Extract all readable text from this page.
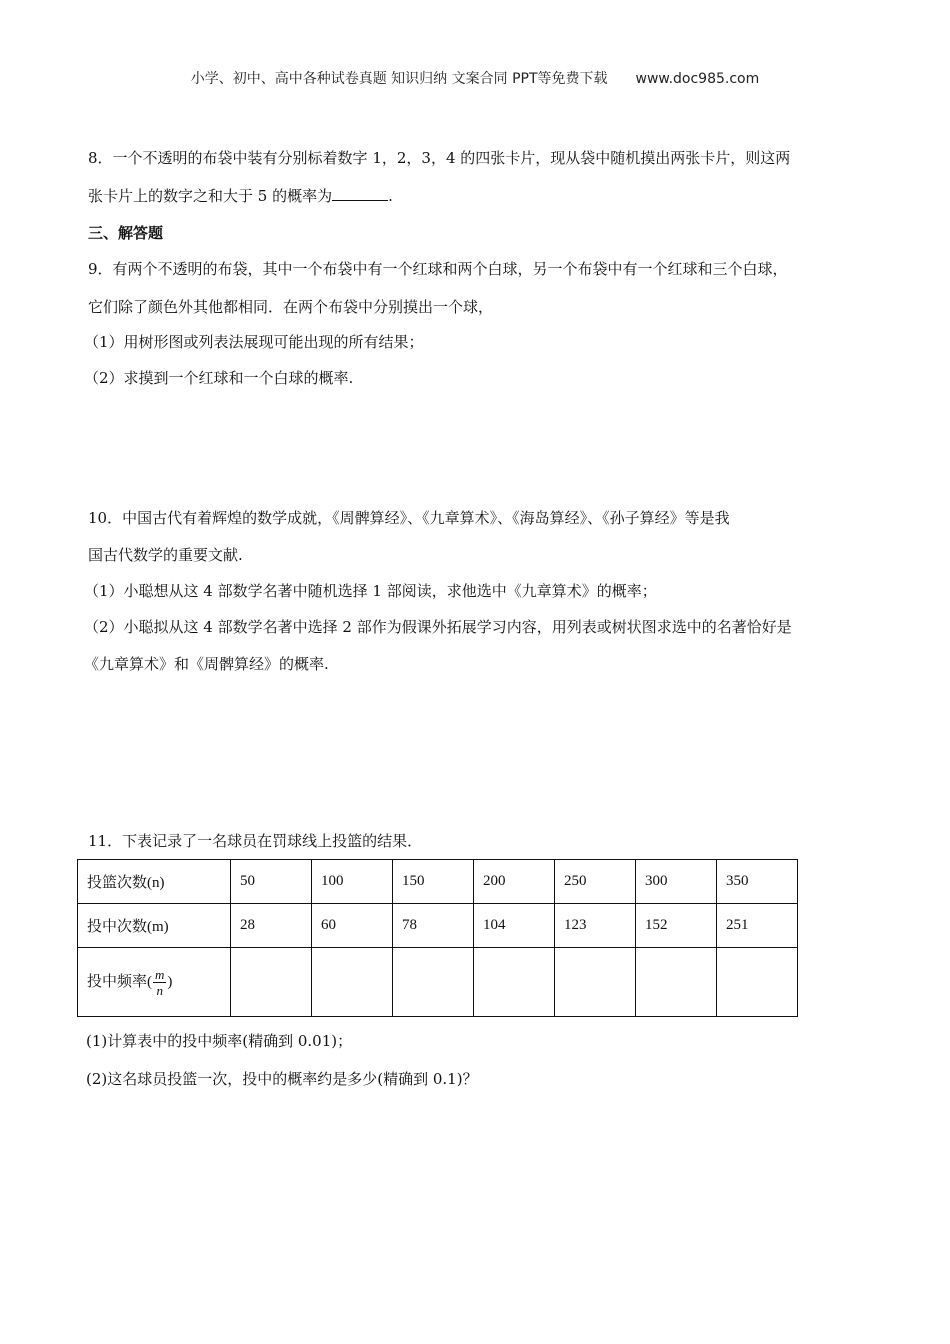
小学、初中、高中各种试卷真题 知识归纳 文案合同 PPT等免费下载 www.doc985.com
8．一个不透明的布袋中装有分别标着数字 1，2，3，4 的四张卡片，现从袋中随机摸出两张卡片，则这两
张卡片上的数字之和大于 5 的概率为	.
三、解答题
9．有两个不透明的布袋，其中一个布袋中有一个红球和两个白球，另一个布袋中有一个红球和三个白球，
它们除了颜色外其他都相同．在两个布袋中分别摸出一个球，
（1）用树形图或列表法展现可能出现的所有结果；
（2）求摸到一个红球和一个白球的概率.
10．中国古代有着辉煌的数学成就，《周髀算经》、《九章算术》、《海岛算经》、《孙子算经》等是我
国古代数学的重要文献.
（1）小聪想从这 4 部数学名著中随机选择 1 部阅读，求他选中《九章算术》的概率；
（2）小聪拟从这 4 部数学名著中选择 2 部作为假课外拓展学习内容，用列表或树状图求选中的名著恰好是
《九章算术》和《周髀算经》的概率.
11．下表记录了一名球员在罚球线上投篮的结果．
投篮次数(n)	50	100	150	200	250	300	350
投中次数(m)	28	60	78	104	123	152	251
投中频率( $\frac{m}{n}$ )							
(1)计算表中的投中频率(精确到 0.01)；
(2)这名球员投篮一次，投中的概率约是多少(精确到 0.1)？
